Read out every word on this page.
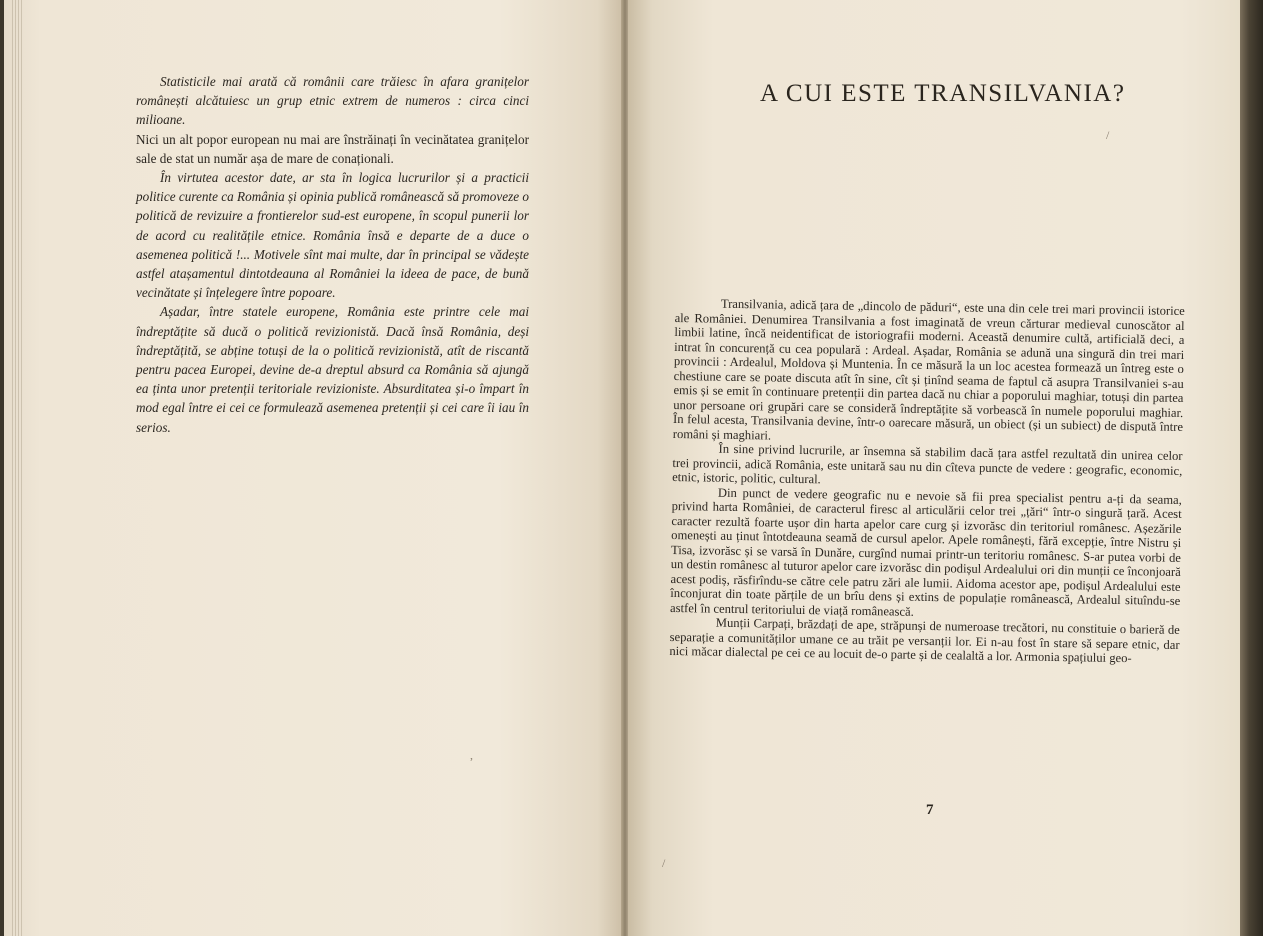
Statisticile mai arată că românii care trăiesc în afara granițelor românești alcătuiesc un grup etnic extrem de numeros : circa cinci milioane.

Nici un alt popor european nu mai are înstrăinați în vecinătatea granițelor sale de stat un număr așa de mare de conaționali.

În virtutea acestor date, ar sta în logica lucrurilor și a practicii politice curente ca România și opinia publică românească să promoveze o politică de revizuire a frontierelor sud-est europene, în scopul punerii lor de acord cu realitățile etnice. România însă e departe de a duce o asemenea politică !... Motivele sînt mai multe, dar în principal se vădește astfel atașamentul dintotdeauna al României la ideea de pace, de bună vecinătate și înțelegere între popoare.

Așadar, între statele europene, România este printre cele mai îndreptățite să ducă o politică revizionistă. Dacă însă România, deși îndreptățită, se abține totuși de la o politică revizionistă, atît de riscantă pentru pacea Europei, devine de-a dreptul absurd ca România să ajungă ea ținta unor pretenții teritoriale revizioniste. Absurditatea și-o împart în mod egal între ei cei ce formulează asemenea pretenții și cei care îi iau în serios.

,
/
/
A CUI ESTE TRANSILVANIA?

Transilvania, adică țara de „dincolo de păduri“, este una din cele trei mari provincii istorice ale României. Denumirea Transilvania a fost imaginată de vreun cărturar medieval cunoscător al limbii latine, încă neidentificat de istoriografii moderni. Această denumire cultă, artificială deci, a intrat în concurență cu cea populară : Ardeal. Așadar, România se adună una singură din trei mari provincii : Ardealul, Moldova și Muntenia. În ce măsură la un loc acestea formează un întreg este o chestiune care se poate discuta atît în sine, cît și ținînd seama de faptul că asupra Transilvaniei s-au emis și se emit în continuare pretenții din partea dacă nu chiar a poporului maghiar, totuși din partea unor persoane ori grupări care se consideră îndreptățite să vorbească în numele poporului maghiar. În felul acesta, Transilvania devine, într-o oarecare măsură, un obiect (și un subiect) de dispută între români și maghiari.

În sine privind lucrurile, ar însemna să stabilim dacă țara astfel rezultată din unirea celor trei provincii, adică România, este unitară sau nu din cîteva puncte de vedere : geografic, economic, etnic, istoric, politic, cultural.

Din punct de vedere geografic nu e nevoie să fii prea specialist pentru a-ți da seama, privind harta României, de caracterul firesc al articulării celor trei „țări“ într-o singură țară. Acest caracter rezultă foarte ușor din harta apelor care curg și izvorăsc din teritoriul românesc. Așezările omenești au ținut întotdeauna seamă de cursul apelor. Apele românești, fără excepție, între Nistru și Tisa, izvorăsc și se varsă în Dunăre, curgînd numai printr-un teritoriu românesc. S-ar putea vorbi de un destin românesc al tuturor apelor care izvorăsc din podișul Ardealului ori din munții ce înconjoară acest podiș, răsfirîndu-se către cele patru zări ale lumii. Aidoma acestor ape, podișul Ardealului este înconjurat din toate părțile de un brîu dens și extins de populație românească, Ardealul situîndu-se astfel în centrul teritoriului de viață românească.

Munții Carpați, brăzdați de ape, străpunși de numeroase trecători, nu constituie o barieră de separație a comunităților umane ce au trăit pe versanții lor. Ei n-au fost în stare să separe etnic, dar nici măcar dialectal pe cei ce au locuit de-o parte și de cealaltă a lor. Armonia spațiului geo-

7
